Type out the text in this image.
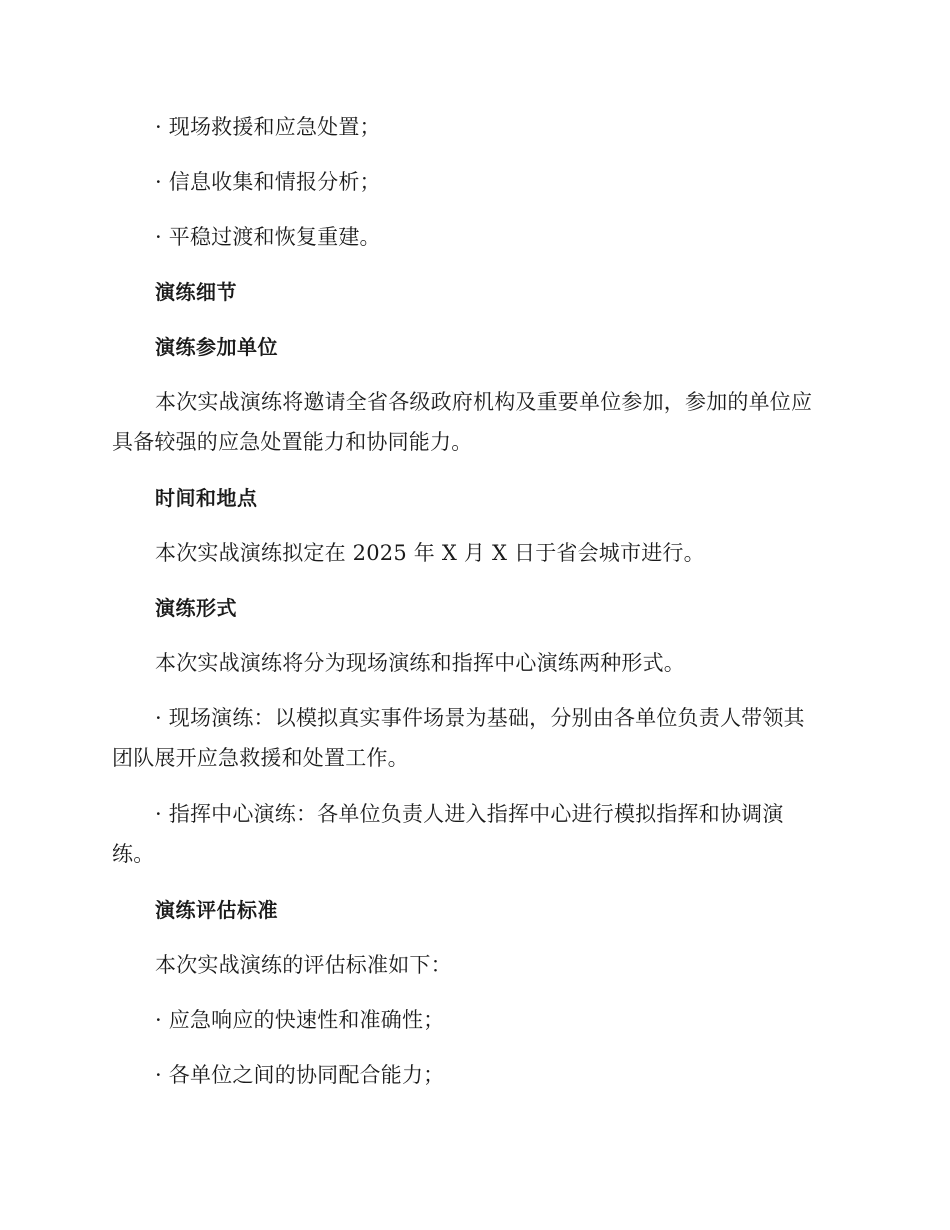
· 现场救援和应急处置；
· 信息收集和情报分析；
· 平稳过渡和恢复重建。
演练细节
演练参加单位
本次实战演练将邀请全省各级政府机构及重要单位参加，参加的单位应
具备较强的应急处置能力和协同能力。
时间和地点
本次实战演练拟定在 2025 年 X 月 X 日于省会城市进行。
演练形式
本次实战演练将分为现场演练和指挥中心演练两种形式。
· 现场演练：以模拟真实事件场景为基础，分别由各单位负责人带领其
团队展开应急救援和处置工作。
· 指挥中心演练：各单位负责人进入指挥中心进行模拟指挥和协调演
练。
演练评估标准
本次实战演练的评估标准如下：
· 应急响应的快速性和准确性；
· 各单位之间的协同配合能力；
